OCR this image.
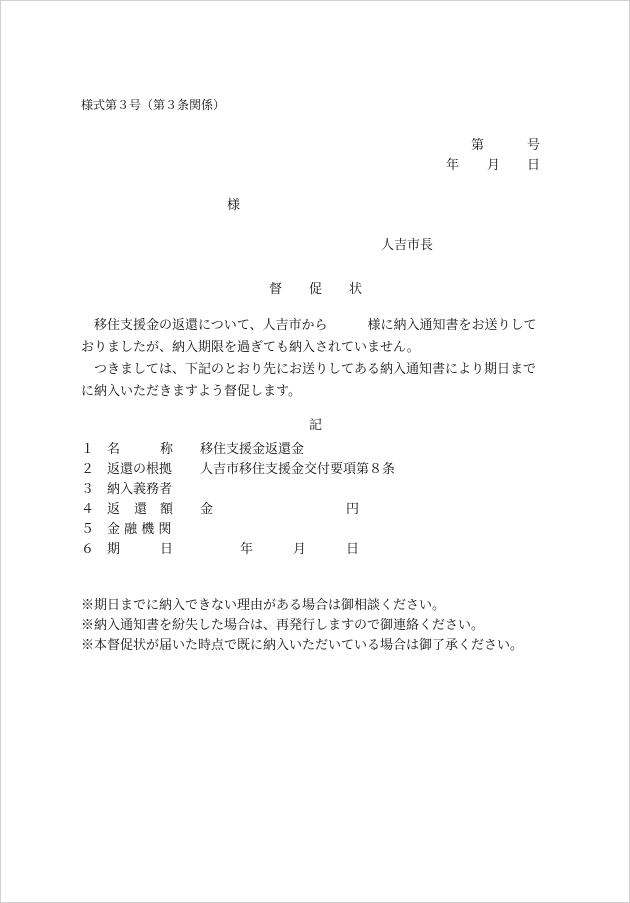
様式第３号（第３条関係）
第	号
年 月 日
様
人吉市長
督 促 状

移住支援金の返還について、人吉市から	様に納入通知書をお送りして

おりましたが、納入期限を過ぎても納入されていません。

つきましては、下記のとおり先にお送りしてある納入通知書により期日まで

に納入いただきますよう督促します。

記
１ 名	称 移住支援金返還金
２ 返還の根拠 人吉市移住支援金交付要項第８条
３ 納入義務者
４ 返 還 額 金	円
５ 金 融 機 関
６ 期	日	年	月	日
※期日までに納入できない理由がある場合は御相談ください。
※納入通知書を紛失した場合は、再発行しますので御連絡ください。
※本督促状が届いた時点で既に納入いただいている場合は御了承ください。
